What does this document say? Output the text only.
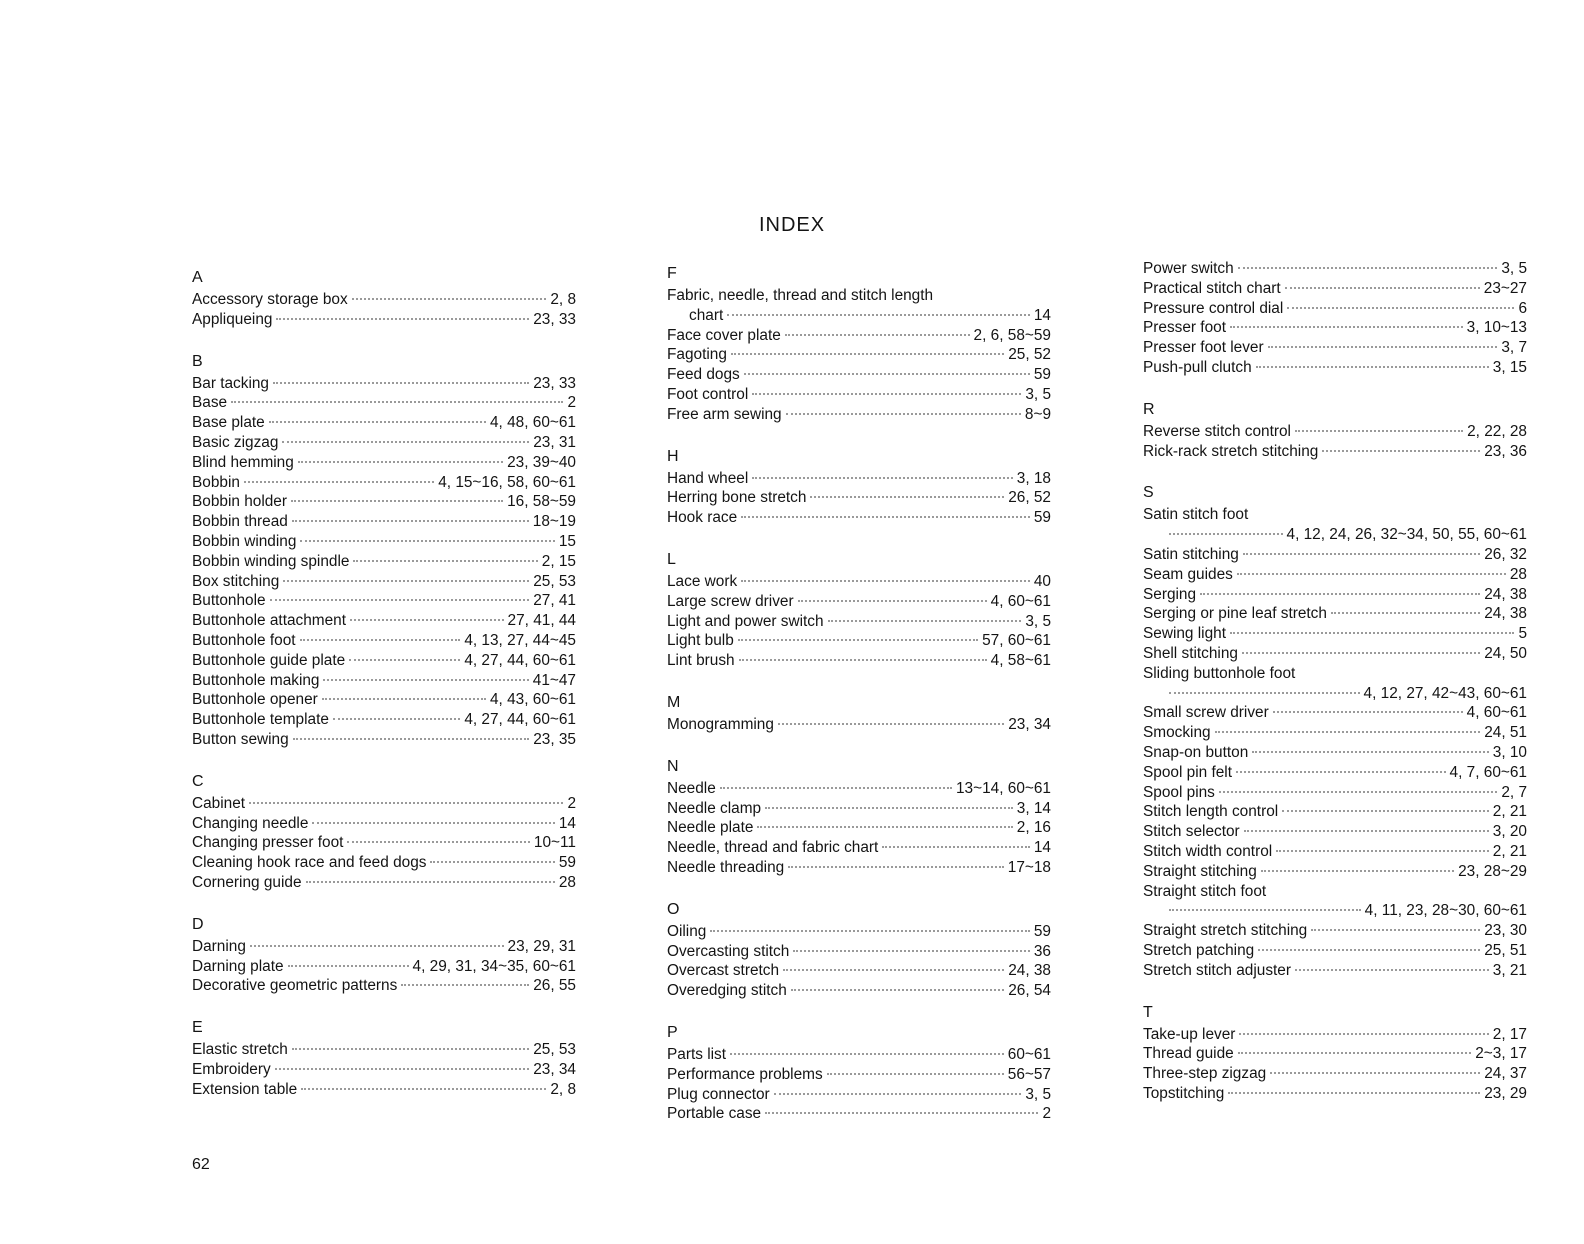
INDEX
A
Accessory storage box	2, 8
Appliqueing	23, 33
B
Bar tacking	23, 33
Base	2
Base plate	4, 48, 60~61
Basic zigzag	23, 31
Blind hemming	23, 39~40
Bobbin	4, 15~16, 58, 60~61
Bobbin holder	16, 58~59
Bobbin thread	18~19
Bobbin winding	15
Bobbin winding spindle	2, 15
Box stitching	25, 53
Buttonhole	27, 41
Buttonhole attachment	27, 41, 44
Buttonhole foot	4, 13, 27, 44~45
Buttonhole guide plate	4, 27, 44, 60~61
Buttonhole making	41~47
Buttonhole opener	4, 43, 60~61
Buttonhole template	4, 27, 44, 60~61
Button sewing	23, 35
C
Cabinet	2
Changing needle	14
Changing presser foot	10~11
Cleaning hook race and feed dogs	59
Cornering guide	28
D
Darning	23, 29, 31
Darning plate	4, 29, 31, 34~35, 60~61
Decorative geometric patterns	26, 55
E
Elastic stretch	25, 53
Embroidery	23, 34
Extension table	2, 8
F
Fabric, needle, thread and stitch length
chart	14
Face cover plate	2, 6, 58~59
Fagoting	25, 52
Feed dogs	59
Foot control	3, 5
Free arm sewing	8~9
H
Hand wheel	3, 18
Herring bone stretch	26, 52
Hook race	59
L
Lace work	40
Large screw driver	4, 60~61
Light and power switch	3, 5
Light bulb	57, 60~61
Lint brush	4, 58~61
M
Monogramming	23, 34
N
Needle	13~14, 60~61
Needle clamp	3, 14
Needle plate	2, 16
Needle, thread and fabric chart	14
Needle threading	17~18
O
Oiling	59
Overcasting stitch	36
Overcast stretch	24, 38
Overedging stitch	26, 54
P
Parts list	60~61
Performance problems	56~57
Plug connector	3, 5
Portable case	2
Power switch	3, 5
Practical stitch chart	23~27
Pressure control dial	6
Presser foot	3, 10~13
Presser foot lever	3, 7
Push-pull clutch	3, 15
R
Reverse stitch control	2, 22, 28
Rick-rack stretch stitching	23, 36
S
Satin stitch foot
4, 12, 24, 26, 32~34, 50, 55, 60~61
Satin stitching	26, 32
Seam guides	28
Serging	24, 38
Serging or pine leaf stretch	24, 38
Sewing light	5
Shell stitching	24, 50
Sliding buttonhole foot
4, 12, 27, 42~43, 60~61
Small screw driver	4, 60~61
Smocking	24, 51
Snap-on button	3, 10
Spool pin felt	4, 7, 60~61
Spool pins	2, 7
Stitch length control	2, 21
Stitch selector	3, 20
Stitch width control	2, 21
Straight stitching	23, 28~29
Straight stitch foot
4, 11, 23, 28~30, 60~61
Straight stretch stitching	23, 30
Stretch patching	25, 51
Stretch stitch adjuster	3, 21
T
Take-up lever	2, 17
Thread guide	2~3, 17
Three-step zigzag	24, 37
Topstitching	23, 29
62
